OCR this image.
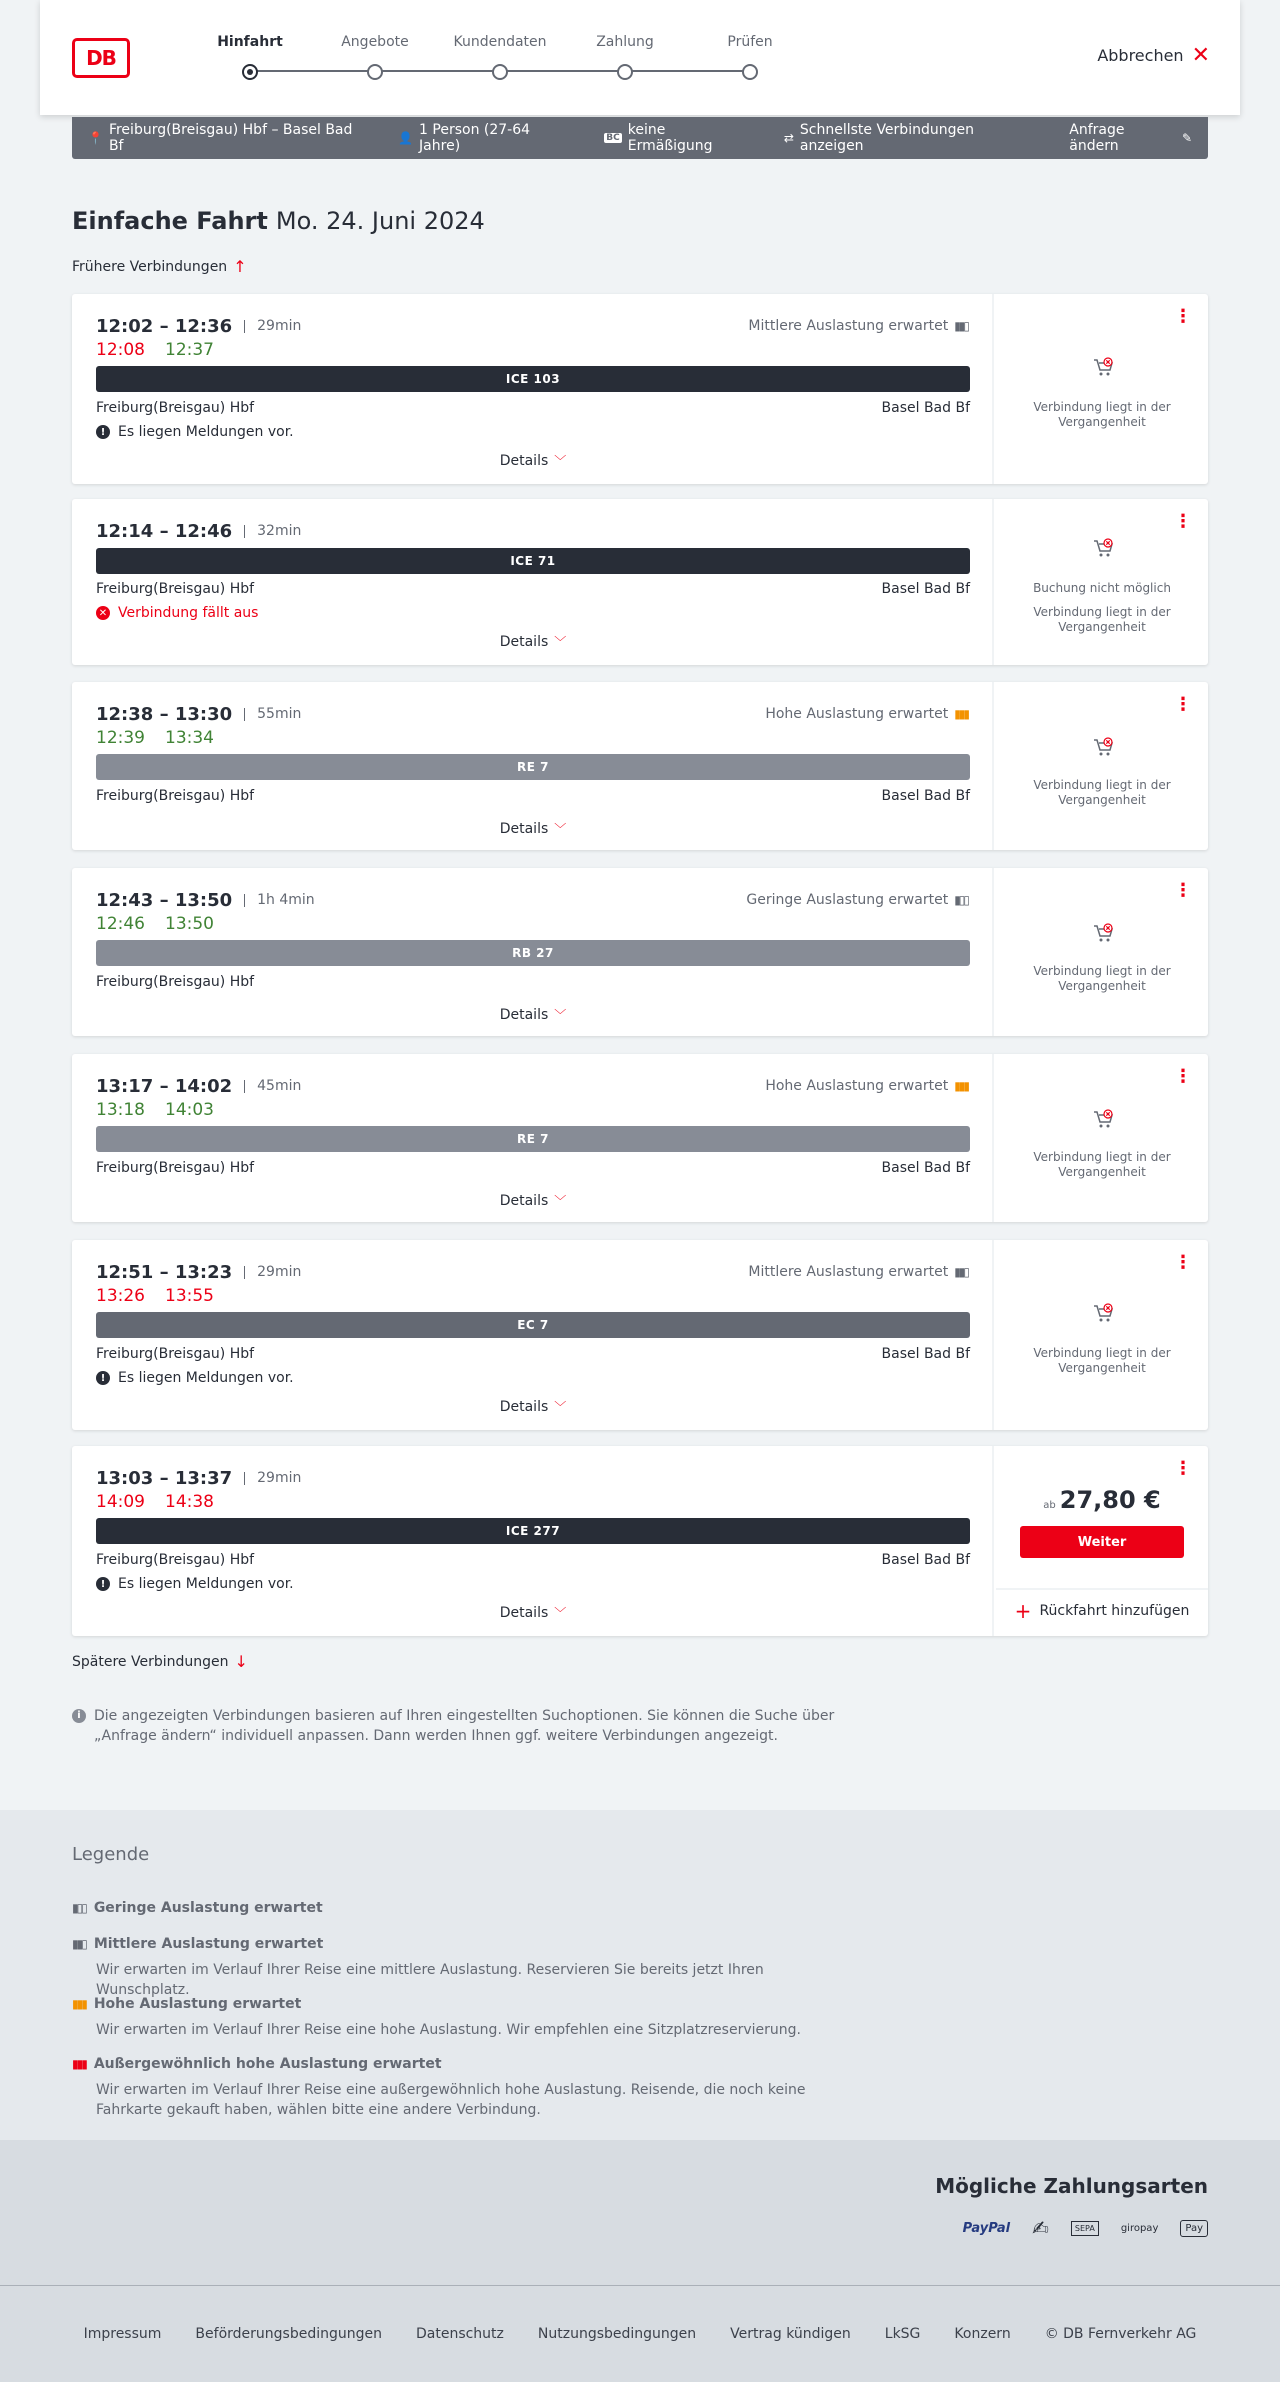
DB
Hinfahrt	Angebote	Kundendaten	Zahlung	Prüfen
Abbrechen ✕
📍 Freiburg(Breisgau) Hbf – Basel Bad Bf	👤 1 Person (27-64 Jahre)	BC keine Ermäßigung	⇄ Schnellste Verbindungen anzeigen
Anfrage ändern	✎
Einfache Fahrt Mo. 24. Juni 2024
Frühere Verbindungen ↑
12:02 – 12:36	29min
12:08 12:37
Mittlere Auslastung erwartet ▮▮▯
ICE 103
Freiburg(Breisgau) Hbf	Basel Bad Bf
! Es liegen Meldungen vor.
Details ﹀
⋮
Verbindung liegt in der Vergangenheit
12:14 – 12:46	32min
ICE 71
Freiburg(Breisgau) Hbf	Basel Bad Bf
✕ Verbindung fällt aus
Details ﹀
⋮
Buchung nicht möglich
Verbindung liegt in der Vergangenheit
12:38 – 13:30	55min
12:39 13:34
Hohe Auslastung erwartet ▮▮▮
RE 7
Freiburg(Breisgau) Hbf	Basel Bad Bf
Details ﹀
⋮
Verbindung liegt in der Vergangenheit
12:43 – 13:50	1h 4min
12:46 13:50
Geringe Auslastung erwartet ▮▯▯
RB 27
Freiburg(Breisgau) Hbf
Details ﹀
⋮
Verbindung liegt in der Vergangenheit
13:17 – 14:02	45min
13:18 14:03
Hohe Auslastung erwartet ▮▮▮
RE 7
Freiburg(Breisgau) Hbf	Basel Bad Bf
Details ﹀
⋮
Verbindung liegt in der Vergangenheit
12:51 – 13:23	29min
13:26 13:55
Mittlere Auslastung erwartet ▮▮▯
EC 7
Freiburg(Breisgau) Hbf	Basel Bad Bf
! Es liegen Meldungen vor.
Details ﹀
⋮
Verbindung liegt in der Vergangenheit
13:03 – 13:37	29min
14:09 14:38
ICE 277
Freiburg(Breisgau) Hbf	Basel Bad Bf
! Es liegen Meldungen vor.
Details ﹀
⋮
ab 27,80 €
Weiter
+ Rückfahrt hinzufügen
Spätere Verbindungen ↓
i Die angezeigten Verbindungen basieren auf Ihren eingestellten Suchoptionen. Sie können die Suche über „Anfrage ändern“ individuell anpassen. Dann werden Ihnen ggf. weitere Verbindungen angezeigt.
Legende
▮▯▯ Geringe Auslastung erwartet
▮▮▯ Mittlere Auslastung erwartet
Wir erwarten im Verlauf Ihrer Reise eine mittlere Auslastung. Reservieren Sie bereits jetzt Ihren Wunschplatz.
▮▮▮ Hohe Auslastung erwartet
Wir erwarten im Verlauf Ihrer Reise eine hohe Auslastung. Wir empfehlen eine Sitzplatzreservierung.
▮▮▮ Außergewöhnlich hohe Auslastung erwartet
Wir erwarten im Verlauf Ihrer Reise eine außergewöhnlich hohe Auslastung. Reisende, die noch keine Fahrkarte gekauft haben, wählen bitte eine andere Verbindung.
Mögliche Zahlungsarten
PayPal ✍	SEPA	giropay	Pay
Impressum Beförderungsbedingungen Datenschutz Nutzungsbedingungen Vertrag kündigen LkSG Konzern © DB Fernverkehr AG
